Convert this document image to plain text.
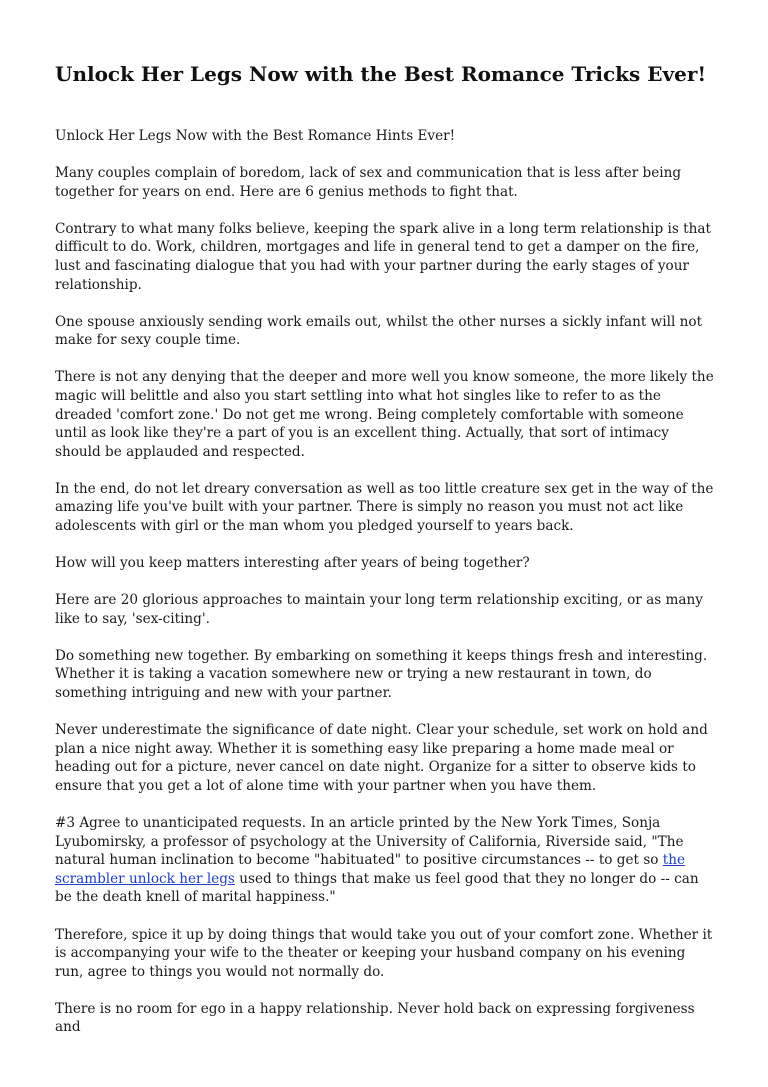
Unlock Her Legs Now with the Best Romance Tricks Ever!

Unlock Her Legs Now with the Best Romance Hints Ever!

Many couples complain of boredom, lack of sex and communication that is less after being together for years on end. Here are 6 genius methods to fight that.

Contrary to what many folks believe, keeping the spark alive in a long term relationship is that difficult to do. Work, children, mortgages and life in general tend to get a damper on the fire, lust and fascinating dialogue that you had with your partner during the early stages of your relationship.

One spouse anxiously sending work emails out, whilst the other nurses a sickly infant will not make for sexy couple time.

There is not any denying that the deeper and more well you know someone, the more likely the magic will belittle and also you start settling into what hot singles like to refer to as the dreaded 'comfort zone.' Do not get me wrong. Being completely comfortable with someone until as look like they're a part of you is an excellent thing. Actually, that sort of intimacy should be applauded and respected.

In the end, do not let dreary conversation as well as too little creature sex get in the way of the amazing life you've built with your partner. There is simply no reason you must not act like adolescents with girl or the man whom you pledged yourself to years back.

How will you keep matters interesting after years of being together?

Here are 20 glorious approaches to maintain your long term relationship exciting, or as many like to say, 'sex-citing'.

Do something new together. By embarking on something it keeps things fresh and interesting. Whether it is taking a vacation somewhere new or trying a new restaurant in town, do something intriguing and new with your partner.

Never underestimate the significance of date night. Clear your schedule, set work on hold and plan a nice night away. Whether it is something easy like preparing a home made meal or heading out for a picture, never cancel on date night. Organize for a sitter to observe kids to ensure that you get a lot of alone time with your partner when you have them.

#3 Agree to unanticipated requests. In an article printed by the New York Times, Sonja Lyubomirsky, a professor of psychology at the University of California, Riverside said, "The natural human inclination to become "habituated" to positive circumstances -- to get so the scrambler unlock her legs used to things that make us feel good that they no longer do -- can be the death knell of marital happiness."

Therefore, spice it up by doing things that would take you out of your comfort zone. Whether it is accompanying your wife to the theater or keeping your husband company on his evening run, agree to things you would not normally do.

There is no room for ego in a happy relationship. Never hold back on expressing forgiveness and
